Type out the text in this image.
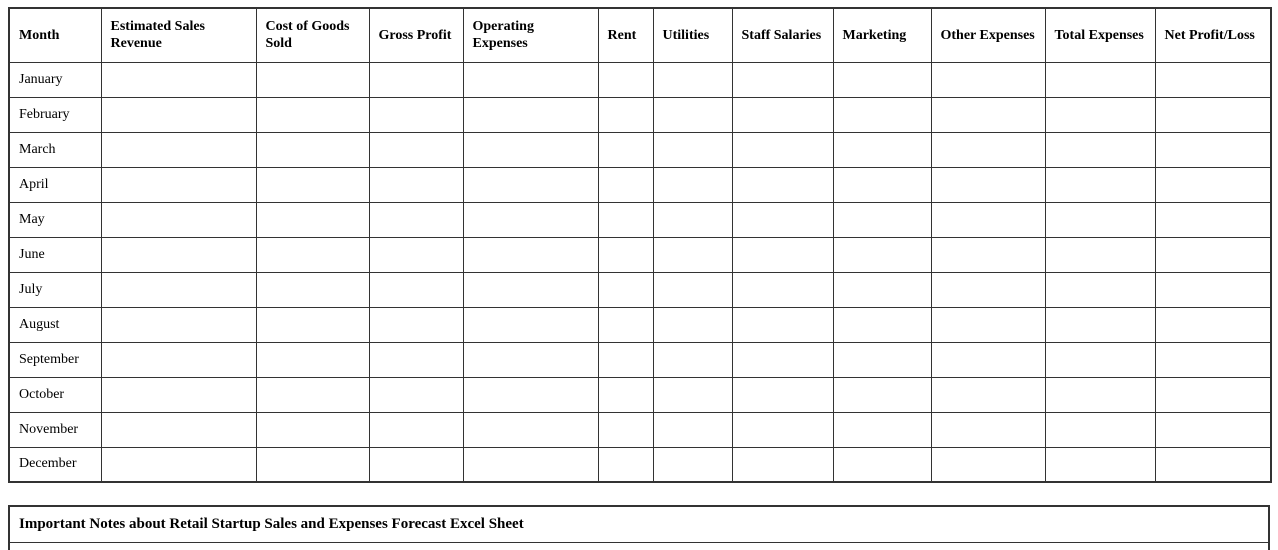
Month	Estimated Sales Revenue	Cost of Goods Sold	Gross Profit	Operating Expenses	Rent	Utilities	Staff Salaries	Marketing	Other Expenses	Total Expenses	Net Profit/Loss
January											
February											
March											
April											
May											
June											
July											
August											
September											
October											
November											
December											
Important Notes about Retail Startup Sales and Expenses Forecast Excel Sheet
